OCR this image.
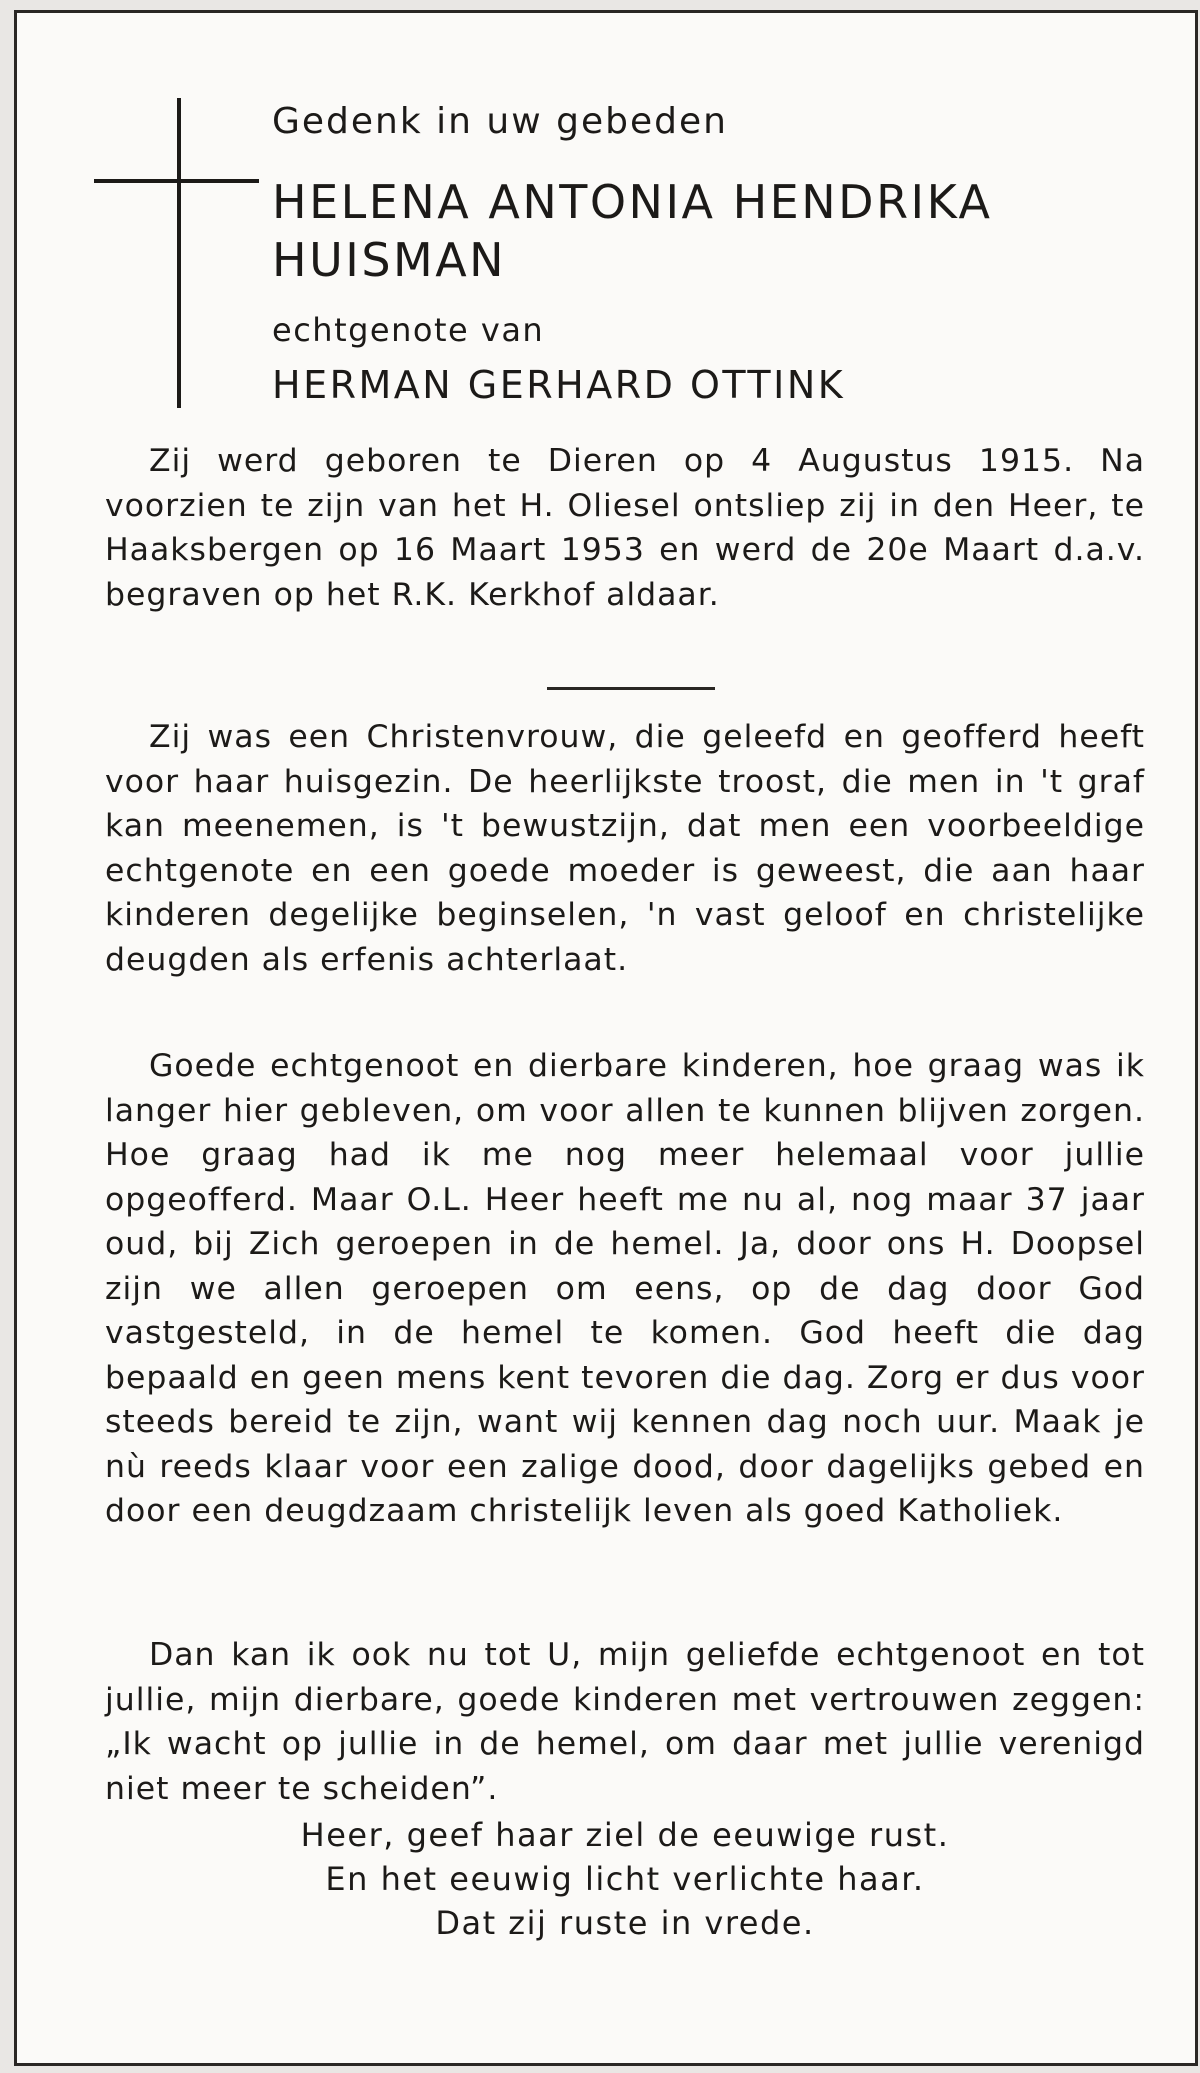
Gedenk in uw gebeden

HELENA ANTONIA HENDRIKA
HUISMAN

echtgenote van

HERMAN GERHARD OTTINK

Zij werd geboren te Dieren op 4 Augustus 1915. Na voorzien te zijn van het H. Oliesel ontsliep zij in den Heer, te Haaksbergen op 16 Maart 1953 en werd de 20e Maart d.a.v. begraven op het R.K. Kerkhof aldaar.

Zij was een Christenvrouw, die geleefd en geofferd heeft voor haar huisgezin. De heerlijkste troost, die men in 't graf kan meenemen, is 't bewustzijn, dat men een voorbeeldige echtgenote en een goede moeder is geweest, die aan haar kinderen degelijke beginselen, 'n vast geloof en christelijke deugden als erfenis achterlaat.

Goede echtgenoot en dierbare kinderen, hoe graag was ik langer hier gebleven, om voor allen te kunnen blijven zorgen. Hoe graag had ik me nog meer helemaal voor jullie opgeofferd. Maar O.L. Heer heeft me nu al, nog maar 37 jaar oud, bij Zich geroepen in de hemel. Ja, door ons H. Doopsel zijn we allen geroepen om eens, op de dag door God vastgesteld, in de hemel te komen. God heeft die dag bepaald en geen mens kent tevoren die dag. Zorg er dus voor steeds bereid te zijn, want wij kennen dag noch uur. Maak je nù reeds klaar voor een zalige dood, door dagelijks gebed en door een deugdzaam christelijk leven als goed Katholiek.

Dan kan ik ook nu tot U, mijn geliefde echtgenoot en tot jullie, mijn dierbare, goede kinderen met vertrouwen zeggen: „Ik wacht op jullie in de hemel, om daar met jullie verenigd niet meer te scheiden”.

Heer, geef haar ziel de eeuwige rust.

En het eeuwig licht verlichte haar.

Dat zij ruste in vrede.
